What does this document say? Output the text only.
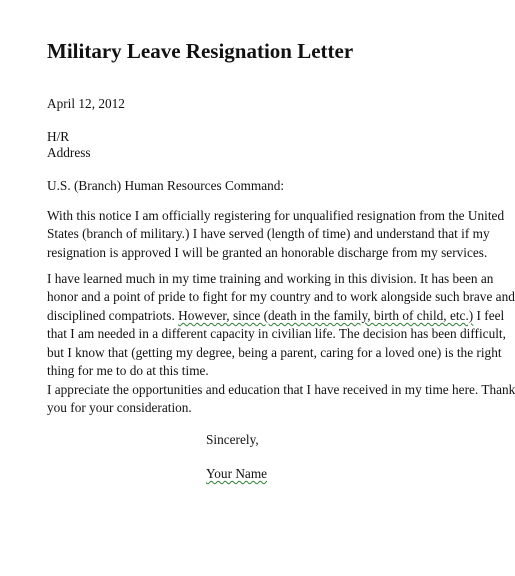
Military Leave Resignation Letter
April 12, 2012
H/R
Address
U.S. (Branch) Human Resources Command:
With this notice I am officially registering for unqualified resignation from the United
States (branch of military.) I have served (length of time) and understand that if my
resignation is approved I will be granted an honorable discharge from my services.
I have learned much in my time training and working in this division. It has been an
honor and a point of pride to fight for my country and to work alongside such brave and
disciplined compatriots. However, since (death in the family, birth of child, etc.) I feel
that I am needed in a different capacity in civilian life. The decision has been difficult,
but I know that (getting my degree, being a parent, caring for a loved one) is the right
thing for me to do at this time.
I appreciate the opportunities and education that I have received in my time here. Thank
you for your consideration.
Sincerely,
Your Name
